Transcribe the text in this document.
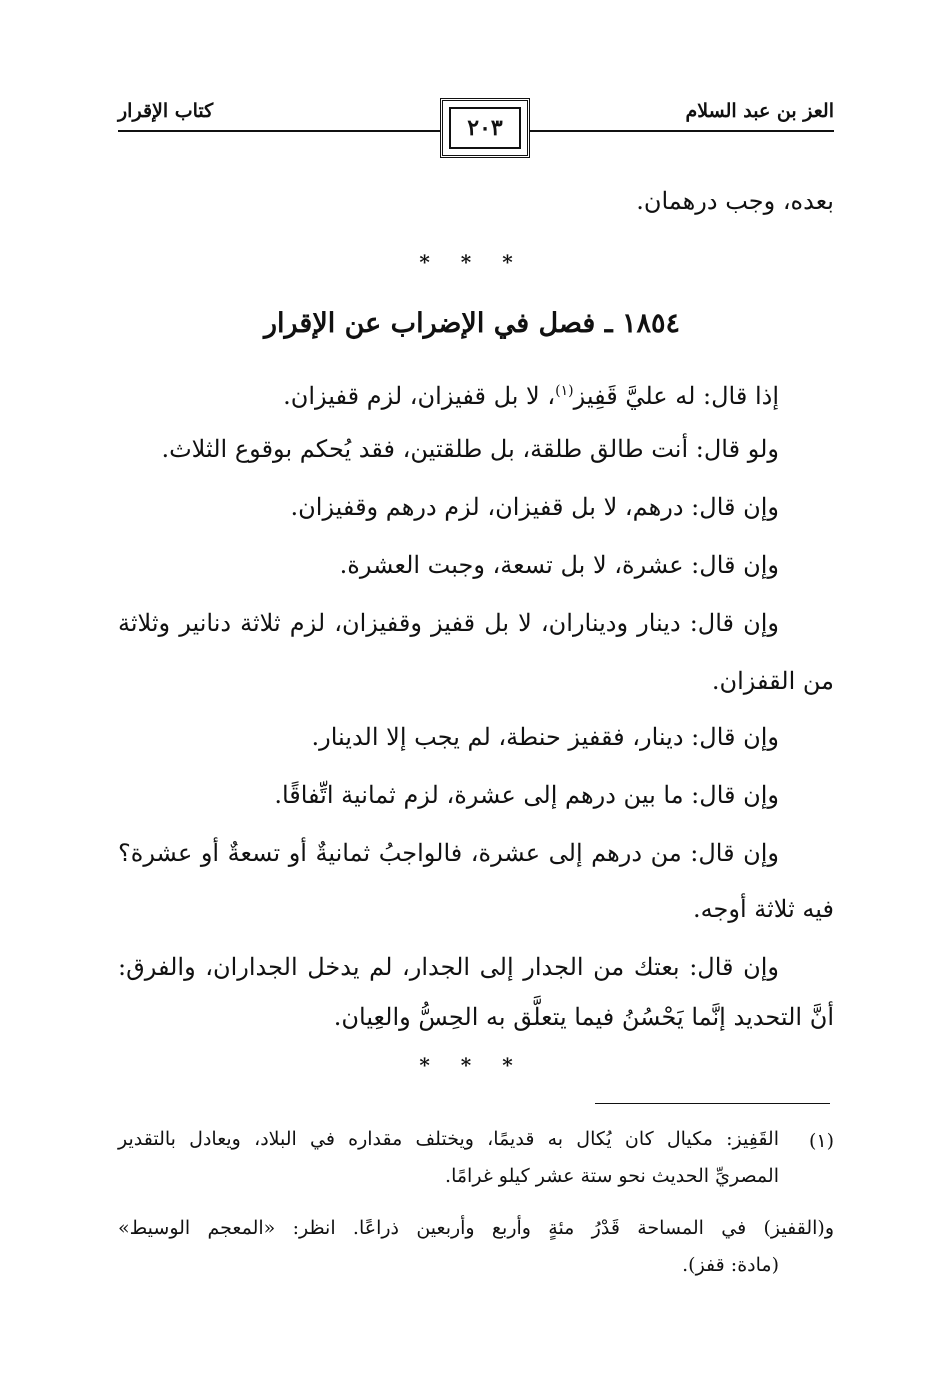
العز بن عبد السلام
كتاب الإقرار
٢٠٣
بعده، وجب درهمان.
* * *
١٨٥٤ ـ فصل في الإضراب عن الإقرار
إذا قال: له عليَّ قَفِيز$^{(١)}$، لا بل قفيزان، لزم قفيزان.
ولو قال: أنت طالق طلقة، بل طلقتين، فقد يُحكم بوقوع الثلاث.
وإن قال: درهم، لا بل قفيزان، لزم درهم وقفيزان.
وإن قال: عشرة، لا بل تسعة، وجبت العشرة.
وإن قال: دينار وديناران، لا بل قفيز وقفيزان، لزم ثلاثة دنانير وثلاثة
من القفزان.
وإن قال: دينار، فقفيز حنطة، لم يجب إلا الدينار.
وإن قال: ما بين درهم إلى عشرة، لزم ثمانية اتِّفاقًا.
وإن قال: من درهم إلى عشرة، فالواجبُ ثمانيةٌ أو تسعةٌ أو عشرة؟
فيه ثلاثة أوجه.
وإن قال: بعتك من الجدار إلى الجدار، لم يدخل الجداران، والفرق:
أنَّ التحديد إنَّما يَحْسُنُ فيما يتعلَّق به الحِسُّ والعِيان.
* * *
(١)
القَفِيز: مكيال كان يُكال به قديمًا، ويختلف مقداره في البلاد، ويعادل بالتقدير
المصريِّ الحديث نحو ستة عشر كيلو غرامًا.
و(القفيز) في المساحة قَدْرُ مئةٍ وأربع وأربعين ذراعًا. انظر: «المعجم الوسيط»
(مادة: قفز).
